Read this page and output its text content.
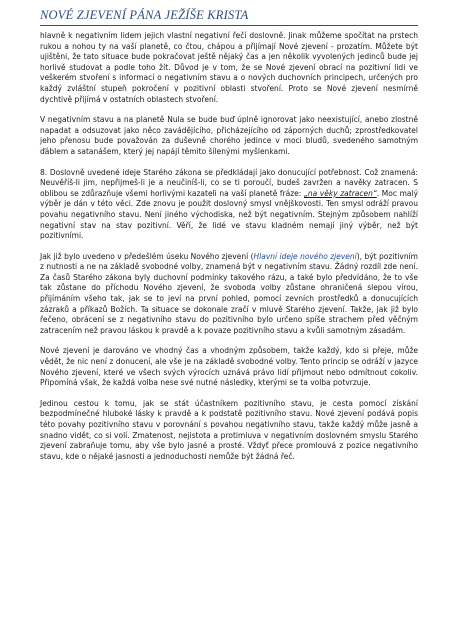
NOVÉ ZJEVENÍ PÁNA JEŽÍŠE KRISTA

hlavně k negativním lidem jejich vlastní negativní řečí doslovně. Jinak můžeme spočítat na prstech rukou a nohou ty na vaší planetě, co čtou, chápou a přijímají Nové zjevení - prozatím. Můžete být ujištěni, že tato situace bude pokračovat ještě nějaký čas a jen několik vyvolených jedinců bude jej horlivě studovat a podle toho žít. Důvod je v tom, že se Nové zjevení obrací na pozitivní lidi ve veškerém stvoření s informací o negativním stavu a o nových duchovních principech, určených pro každý zvláštní stupeň pokročení v pozitivní oblasti stvoření. Proto se Nové zjevení nesmírně dychtivě přijímá v ostatních oblastech stvoření.

V negativním stavu a na planetě Nula se bude buď úplně ignorovat jako neexistující, anebo zlostně napadat a odsuzovat jako něco zavádějícího, přicházejícího od záporných duchů; zprostředkovatel jeho přenosu bude považován za duševně chorého jedince v moci bludů, svedeného samotným ďáblem a satanášem, který jej napájí těmito šílenými myšlenkami.

8. Doslovně uvedené ideje Starého zákona se předkládají jako donucující potřebnost. Což znamená: Neuvěříš-li jim, nepřijmeš-li je a neučiníš-li, co se ti poroučí, budeš zavržen a navěky zatracen. S oblibou se zdůrazňuje všemi horlivými kazateli na vaší planetě fráze: „na věky zatracen“. Moc malý výběr je dán v této věci. Zde znovu je použit doslovný smysl vnějškovosti. Ten smysl odráží pravou povahu negativního stavu. Není jiného východiska, než být negativním. Stejným způsobem nahlíží negativní stav na stav pozitivní. Věří, že lidé ve stavu kladném nemají jiný výběr, než být pozitivními.

Jak již bylo uvedeno v předešlém úseku Nového zjevení (Hlavní ideje nového zjevení), být pozitivním z nutnosti a ne na základě svobodné volby, znamená být v negativním stavu. Žádný rozdíl zde není. Za časů Starého zákona byly duchovní podmínky takového rázu, a také bylo předvídáno, že to vše tak zůstane do příchodu Nového zjevení, že svoboda volby zůstane ohraničená slepou vírou, přijímáním všeho tak, jak se to jeví na první pohled, pomocí zevních prostředků a donucujících zázraků a příkazů Božích. Ta situace se dokonale zračí v mluvě Starého zjevení. Takže, jak již bylo řečeno, obrácení se z negativního stavu do pozitivního bylo určeno spíše strachem před věčným zatracením než pravou láskou k pravdě a k povaze pozitivního stavu a kvůli samotným zásadám.

Nové zjevení je darováno ve vhodný čas a vhodným způsobem, takže každý, kdo si přeje, může vědět, že nic není z donucení, ale vše je na základě svobodné volby. Tento princip se odráží v jazyce Nového zjevení, které ve všech svých výrocích uznává právo lidí přijmout nebo odmítnout cokoliv. Připomíná však, že každá volba nese své nutné následky, kterými se ta volba potvrzuje.

Jedinou cestou k tomu, jak se stát účastníkem pozitivního stavu, je cesta pomocí získání bezpodmínečné hluboké lásky k pravdě a k podstatě pozitivního stavu. Nové zjevení podává popis této povahy pozitivního stavu v porovnání s povahou negativního stavu, takže každý může jasně a snadno vidět, co si volí. Zmatenost, nejistota a protimluva v negativním doslovném smyslu Starého zjevení zabraňuje tomu, aby vše bylo jasné a prosté. Vždyť přece promlouvá z pozice negativního stavu, kde o nějaké jasnosti a jednoduchosti nemůže být žádná řeč.
